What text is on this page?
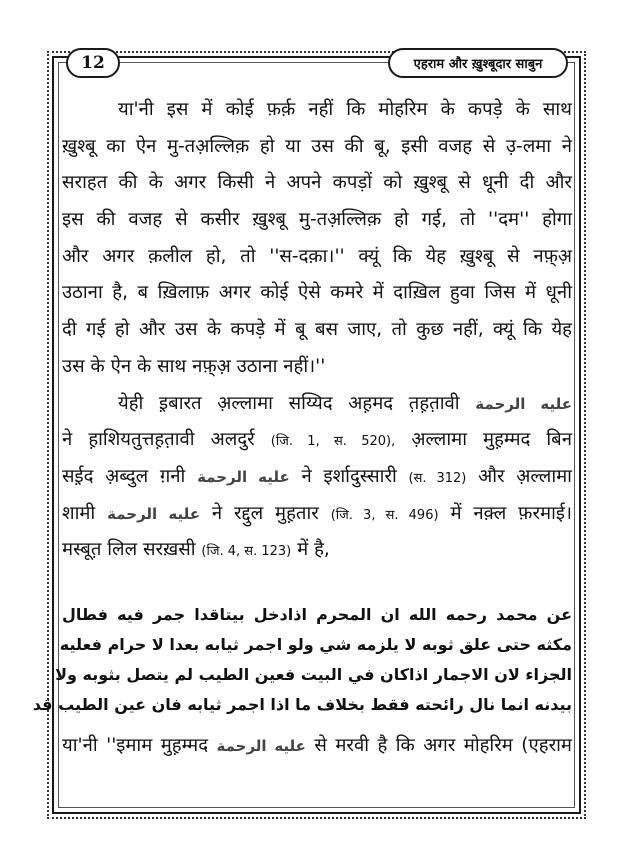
12	एहराम और ख़ुश्बूदार साबुन
या'नी इस में कोई फ़र्क़ नहीं कि मोहरिम के कपड़े के साथ
ख़ुश्बू का ऐन मु-तअ़ल्लिक़ हो या उस की बू, इसी वजह से उ़-लमा ने
सराहत की के अगर किसी ने अपने कपड़ों को ख़ुश्बू से धूनी दी और
इस की वजह से कसीर ख़ुश्बू मु-तअ़ल्लिक़ हो गई, तो ''दम'' होगा
और अगर क़लील हो, तो ''स-दक़ा।'' क्यूं कि येह ख़ुश्बू से नफ़्अ़
उठाना है, ब ख़िलाफ़ अगर कोई ऐसे कमरे में दाख़िल हुवा जिस में धूनी
दी गई हो और उस के कपड़े में बू बस जाए, तो कुछ नहीं, क्यूं कि येह
उस के ऐन के साथ नफ़्अ़ उठाना नहीं।''
येही इ़बारत अ़ल्लामा सय्यिद अह़मद त़ह़त़ावी عليه الرحمة
ने ह़ाशियतुत्तह़त़ावी अलदुर्र (जि. 1, स. 520), अ़ल्लामा मुह़म्मद बिन
सई़द अ़ब्दुल ग़नी عليه الرحمة ने इर्शादुस्सारी (स. 312) और अ़ल्लामा
शामी عليه الرحمة ने रद्दुल मुह़तार (जि. 3, स. 496) में नक़्ल फ़रमाई।
मस्बूत़ लिल सरख़सी (जि. 4, स. 123) में है,
عن محمد رحمه الله ان المحرم اذادخل بيتاقدا جمر فيه فطال
مكثه حتى علق ثوبه لا يلزمه شي ولو اجمر ثيابه بعدا لا حرام فعليه
الجزاء لان الاجمار اذاكان في البيت فعين الطيب لم يتصل بثوبه ولا
بيدنه انما نال رائحته فقط بخلاف ما اذا اجمر ثيابه فان عين الطيب قد
या'नी ''इमाम मुह़म्मद عليه الرحمة से मरवी है कि अगर मोहरिम (एहराम
